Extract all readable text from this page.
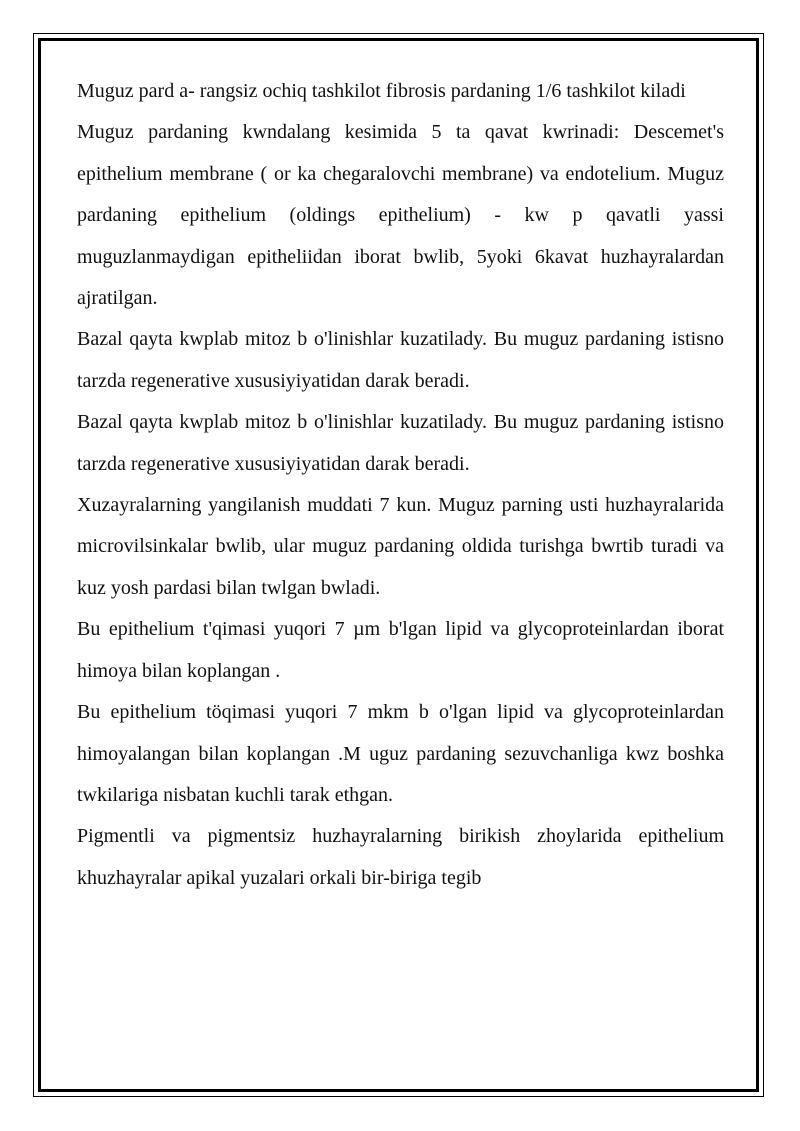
Muguz pard a- rangsiz ochiq tashkilot fibrosis pardaning 1/6 tashkilot kiladi

Muguz pardaning kwndalang kesimida 5 ta qavat kwrinadi: Descemet's epithelium membrane ( or ka chegaralovchi membrane) va endotelium. Muguz pardaning epithelium (oldings epithelium) - kw p qavatli yassi muguzlanmaydigan epitheliidan iborat bwlib, 5yoki 6kavat huzhayralardan ajratilgan.

Bazal qayta kwplab mitoz b o'linishlar kuzatilady. Bu muguz pardaning istisno tarzda regenerative xususiyiyatidan darak beradi.

Bazal qayta kwplab mitoz b o'linishlar kuzatilady. Bu muguz pardaning istisno tarzda regenerative xususiyiyatidan darak beradi.

Xuzayralarning yangilanish muddati 7 kun. Muguz parning usti huzhayralarida microvilsinkalar bwlib, ular muguz pardaning oldida turishga bwrtib turadi va kuz yosh pardasi bilan twlgan bwladi.

Bu epithelium t'qimasi yuqori 7 µm b'lgan lipid va glycoproteinlardan iborat himoya bilan koplangan .

Bu epithelium töqimasi yuqori 7 mkm b o'lgan lipid va glycoproteinlardan himoyalangan bilan koplangan .M uguz pardaning sezuvchanliga kwz boshka twkilariga nisbatan kuchli tarak ethgan.

Pigmentli va pigmentsiz huzhayralarning birikish zhoylarida epithelium khuzhayralar apikal yuzalari orkali bir-biriga tegib
